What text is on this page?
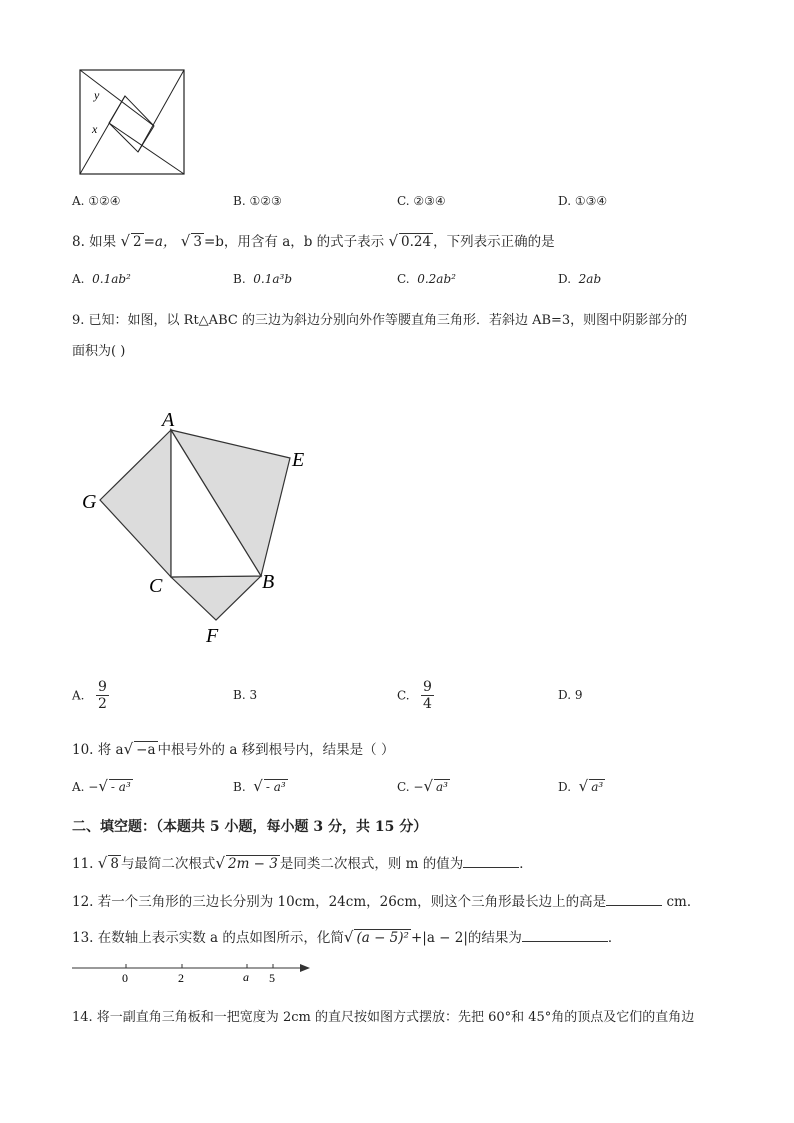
y
x
A. ①②④	B. ①②③	C. ②③④	D. ①③④
8. 如果 √ 2 =a， √ 3 =b，用含有 a，b 的式子表示 √ 0.24 ，下列表示正确的是
A. 0.1ab²	B. 0.1a³b	C. 0.2ab²	D. 2ab
9. 已知：如图，以 Rt△ABC 的三边为斜边分别向外作等腰直角三角形．若斜边 AB=3，则图中阴影部分的
面积为( )
A
B
C
E
F
G
A. $\frac{9}{2}$	B. 3	C. $\frac{9}{4}$	D. 9
10. 将 a√ −a 中根号外的 a 移到根号内，结果是（ ）
A. −√ - a³	B. √ - a³	C. −√ a³	D. √ a³
二、填空题：（本题共 5 小题，每小题 3 分，共 15 分）
11. √ 8 与最简二次根式√ 2m − 3 是同类二次根式，则 m 的值为	．
12. 若一个三角形的三边长分别为 10cm，24cm，26cm，则这个三角形最长边上的高是	cm．
13. 在数轴上表示实数 a 的点如图所示，化简√ (a − 5)² +|a − 2|的结果为	．
0	2	a 5
14. 将一副直角三角板和一把宽度为 2cm 的直尺按如图方式摆放：先把 60°和 45°角的顶点及它们的直角边
